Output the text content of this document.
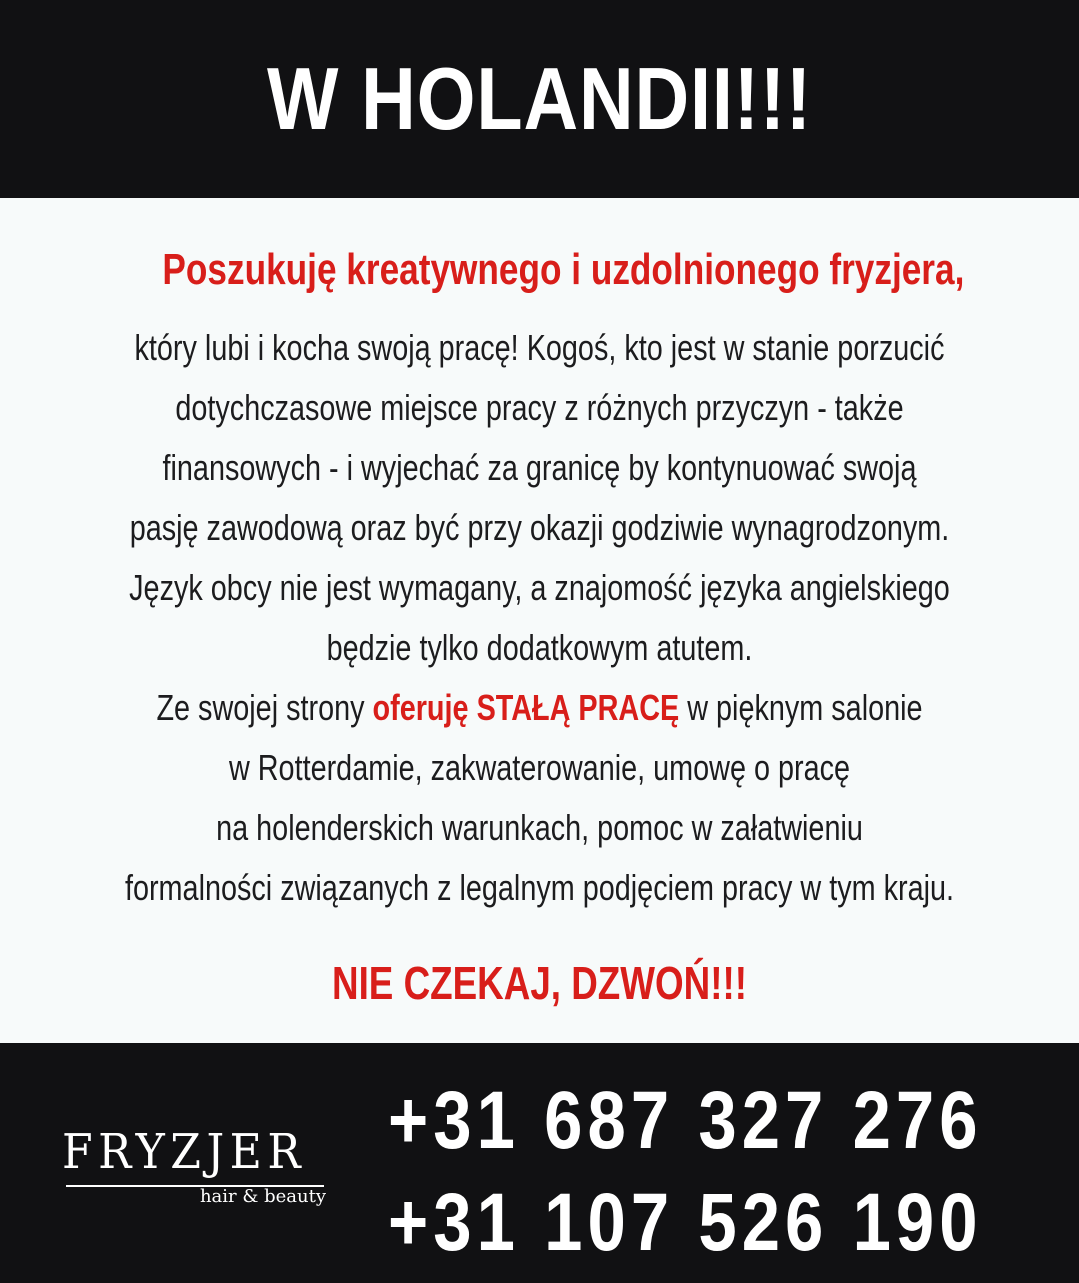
W HOLANDII!!!
Poszukuję kreatywnego i uzdolnionego fryzjera,
który lubi i kocha swoją pracę! Kogoś, kto jest w stanie porzucić
dotychczasowe miejsce pracy z różnych przyczyn - także
finansowych - i wyjechać za granicę by kontynuować swoją
pasję zawodową oraz być przy okazji godziwie wynagrodzonym.
Język obcy nie jest wymagany, a znajomość języka angielskiego
będzie tylko dodatkowym atutem.
Ze swojej strony oferuję STAŁĄ PRACĘ w pięknym salonie
w Rotterdamie, zakwaterowanie, umowę o pracę
na holenderskich warunkach, pomoc w załatwieniu
formalności związanych z legalnym podjęciem pracy w tym kraju.
NIE CZEKAJ, DZWOŃ!!!
FRYZJER
hair & beauty
+31 687 327 276
+31 107 526 190
